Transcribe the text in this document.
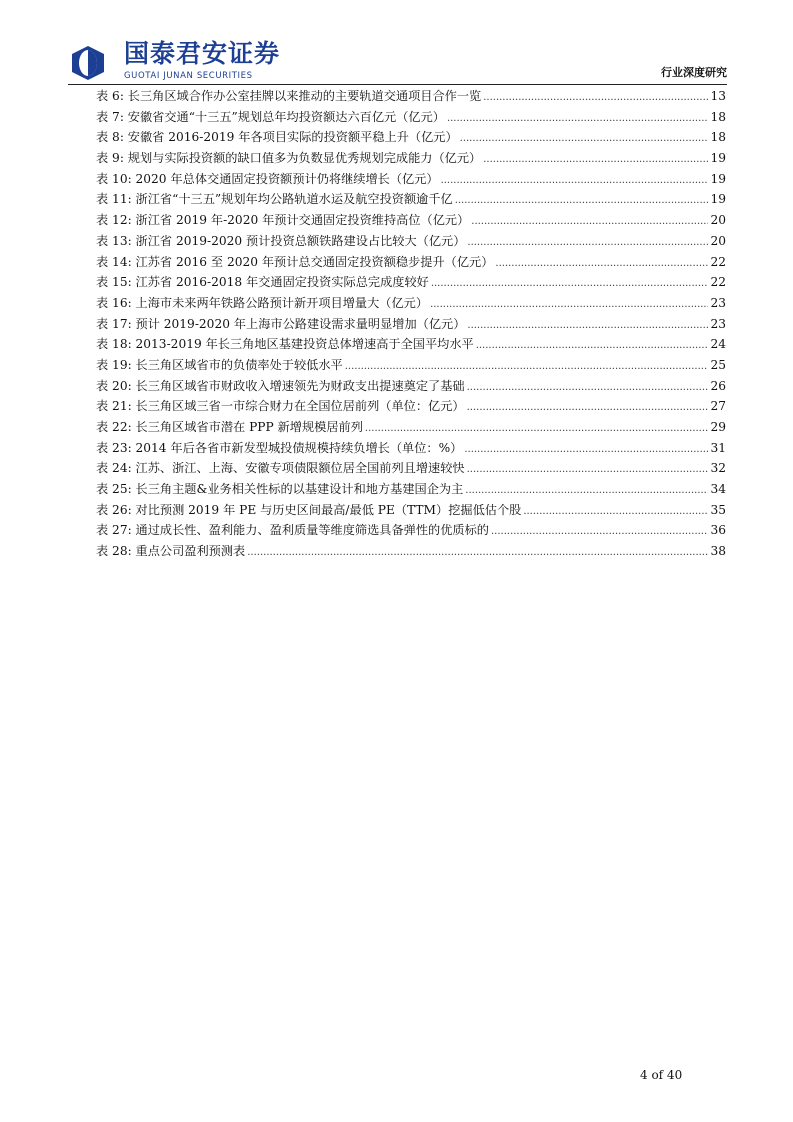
国泰君安证券
GUOTAI JUNAN SECURITIES	行业深度研究
表 6: 长三角区域合作办公室挂牌以来推动的主要轨道交通项目合作一览 .....	13
表 7: 安徽省交通“十三五”规划总年均投资额达六百亿元（亿元） .....	18
表 8: 安徽省 2016-2019 年各项目实际的投资额平稳上升（亿元） .....	18
表 9: 规划与实际投资额的缺口值多为负数显优秀规划完成能力（亿元） .....	19
表 10: 2020 年总体交通固定投资额预计仍将继续增长（亿元） .....	19
表 11: 浙江省“十三五”规划年均公路轨道水运及航空投资额逾千亿 .....	19
表 12: 浙江省 2019 年-2020 年预计交通固定投资维持高位（亿元） .....	20
表 13: 浙江省 2019-2020 预计投资总额铁路建设占比较大（亿元） .....	20
表 14: 江苏省 2016 至 2020 年预计总交通固定投资额稳步提升（亿元） .....	22
表 15: 江苏省 2016-2018 年交通固定投资实际总完成度较好 .....	22
表 16: 上海市未来两年铁路公路预计新开项目增量大（亿元） .....	23
表 17: 预计 2019-2020 年上海市公路建设需求量明显增加（亿元） .....	23
表 18: 2013-2019 年长三角地区基建投资总体增速高于全国平均水平 .....	24
表 19: 长三角区域省市的负债率处于较低水平 .....	25
表 20: 长三角区域省市财政收入增速领先为财政支出提速奠定了基础 .....	26
表 21: 长三角区域三省一市综合财力在全国位居前列（单位：亿元） .....	27
表 22: 长三角区域省市潜在 PPP 新增规模居前列 .....	29
表 23: 2014 年后各省市新发型城投债规模持续负增长（单位：%） .....	31
表 24: 江苏、浙江、上海、安徽专项债限额位居全国前列且增速较快 .....	32
表 25: 长三角主题&业务相关性标的以基建设计和地方基建国企为主 .....	34
表 26: 对比预测 2019 年 PE 与历史区间最高/最低 PE（TTM）挖掘低估个股 .....	35
表 27: 通过成长性、盈利能力、盈利质量等维度筛选具备弹性的优质标的 .....	36
表 28: 重点公司盈利预测表 .....	38
4 of 40
